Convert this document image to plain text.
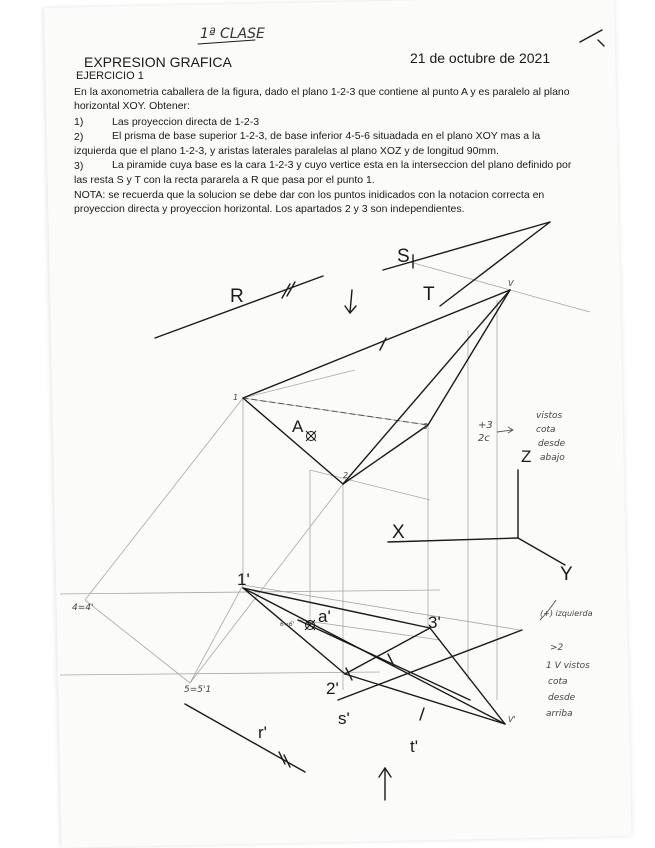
1ª CLASE
EXPRESION GRAFICA	21 de octubre de 2021
EJERCICIO 1
En la axonometria caballera de la figura, dado el plano 1-2-3 que contiene al punto A y es paralelo al plano
horizontal XOY. Obtener:
1)	Las proyeccion directa de 1-2-3
2)	El prisma de base superior 1-2-3, de base inferior 4-5-6 situadada en el plano XOY mas a la
izquierda que el plano 1-2-3, y aristas laterales paralelas al plano XOZ y de longitud 90mm.
3)	La piramide cuya base es la cara 1-2-3 y cuyo vertice esta en la interseccion del plano definido por
las resta S y T con la recta pararela a R que pasa por el punto 1.
NOTA: se recuerda que la solucion se debe dar con los puntos inidicados con la notacion correcta en
proyeccion directa y proyeccion horizontal. Los apartados 2 y 3 son independientes.
S
T
R
A
Z
X
Y
1'
a'	3'
2'
s'
t'
r'
1
2
3
V
V'
4=4'
5=5'1
6=6'
+3
2c
vistos
cota
desde
abajo
(+) izquierda
>2
1 V vistos
cota
desde
arriba
